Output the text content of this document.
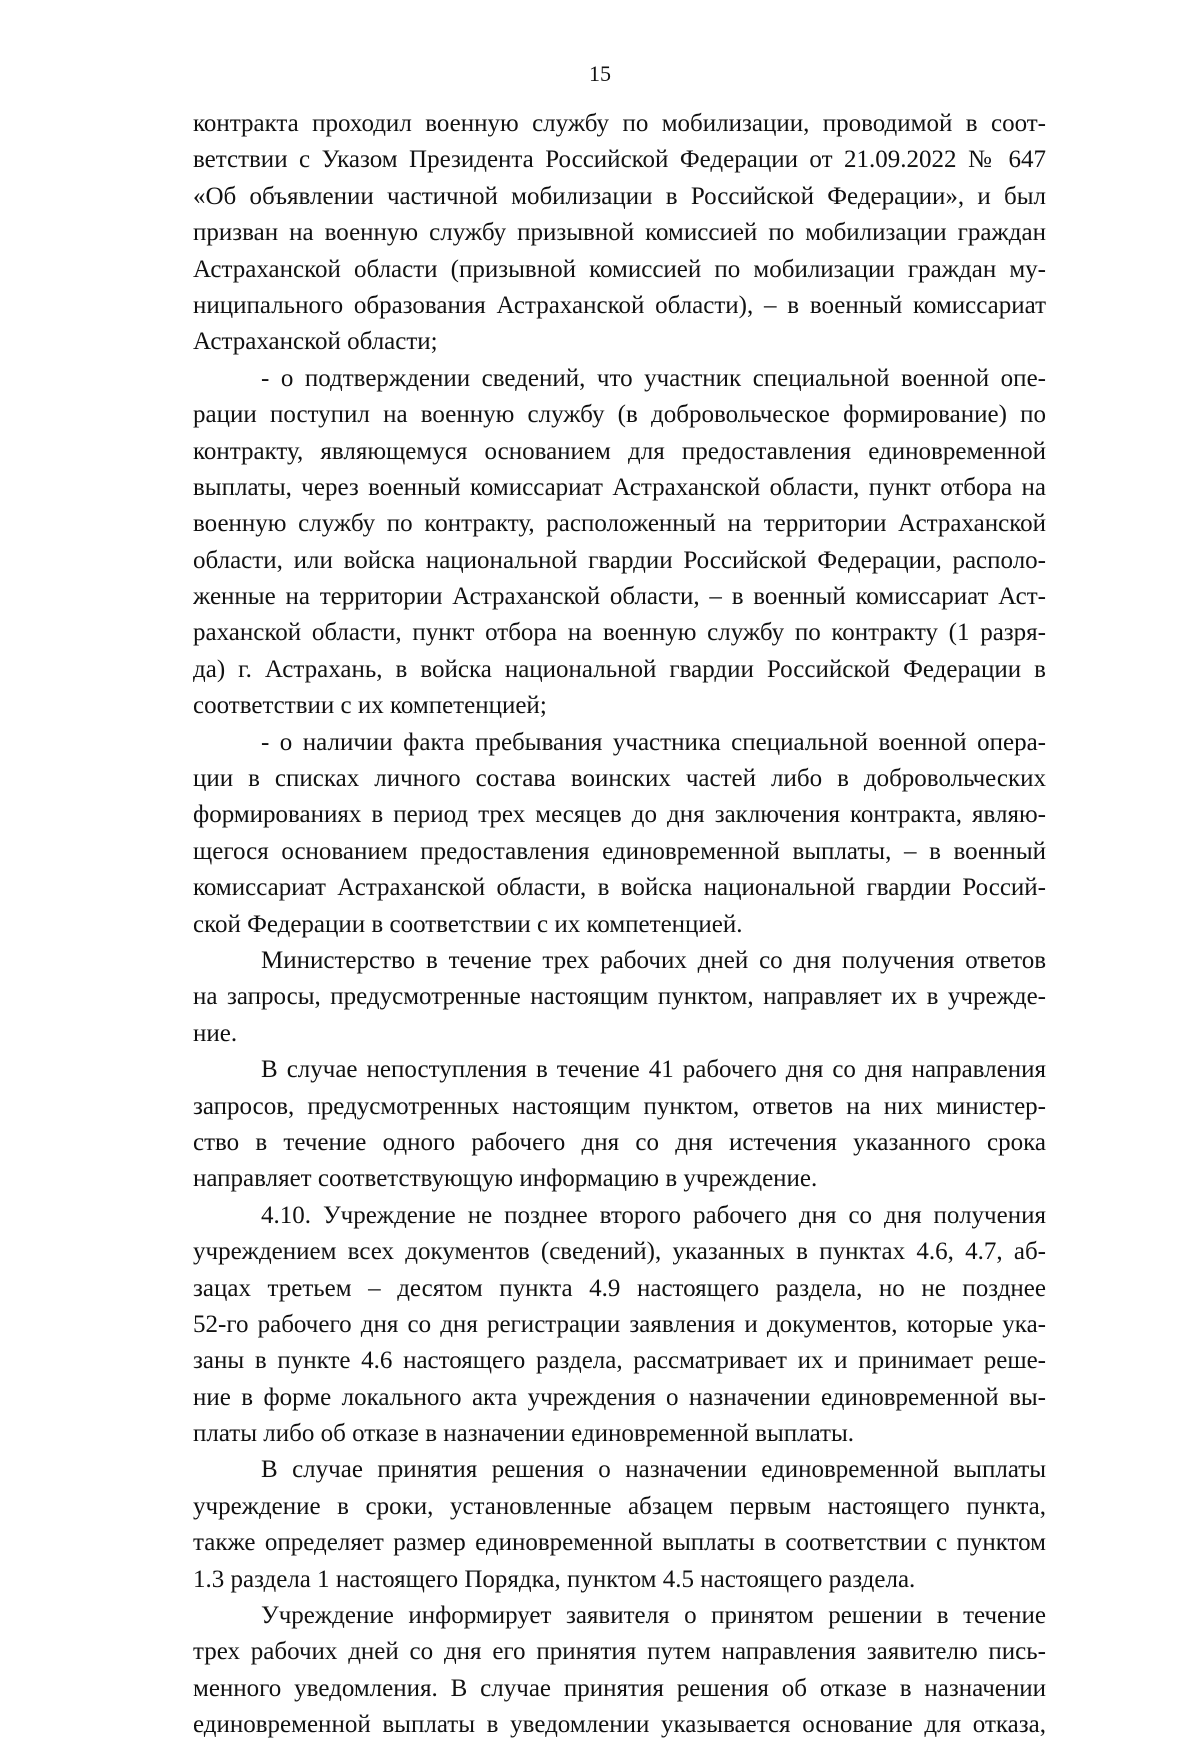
15
контракта проходил военную службу по мобилизации, проводимой в соот-
ветствии с Указом Президента Российской Федерации от 21.09.2022 № 647
«Об объявлении частичной мобилизации в Российской Федерации», и был
призван на военную службу призывной комиссией по мобилизации граждан
Астраханской области (призывной комиссией по мобилизации граждан му-
ниципального образования Астраханской области), – в военный комиссариат
Астраханской области;
- о подтверждении сведений, что участник специальной военной опе-
рации поступил на военную службу (в добровольческое формирование) по
контракту, являющемуся основанием для предоставления единовременной
выплаты, через военный комиссариат Астраханской области, пункт отбора на
военную службу по контракту, расположенный на территории Астраханской
области, или войска национальной гвардии Российской Федерации, располо-
женные на территории Астраханской области, – в военный комиссариат Аст-
раханской области, пункт отбора на военную службу по контракту (1 разря-
да) г. Астрахань, в войска национальной гвардии Российской Федерации в
соответствии с их компетенцией;
- о наличии факта пребывания участника специальной военной опера-
ции в списках личного состава воинских частей либо в добровольческих
формированиях в период трех месяцев до дня заключения контракта, являю-
щегося основанием предоставления единовременной выплаты, – в военный
комиссариат Астраханской области, в войска национальной гвардии Россий-
ской Федерации в соответствии с их компетенцией.
Министерство в течение трех рабочих дней со дня получения ответов
на запросы, предусмотренные настоящим пунктом, направляет их в учрежде-
ние.
В случае непоступления в течение 41 рабочего дня со дня направления
запросов, предусмотренных настоящим пунктом, ответов на них министер-
ство в течение одного рабочего дня со дня истечения указанного срока
направляет соответствующую информацию в учреждение.
4.10. Учреждение не позднее второго рабочего дня со дня получения
учреждением всех документов (сведений), указанных в пунктах 4.6, 4.7, аб-
зацах третьем – десятом пункта 4.9 настоящего раздела, но не позднее
52-го рабочего дня со дня регистрации заявления и документов, которые ука-
заны в пункте 4.6 настоящего раздела, рассматривает их и принимает реше-
ние в форме локального акта учреждения о назначении единовременной вы-
платы либо об отказе в назначении единовременной выплаты.
В случае принятия решения о назначении единовременной выплаты
учреждение в сроки, установленные абзацем первым настоящего пункта,
также определяет размер единовременной выплаты в соответствии с пунктом
1.3 раздела 1 настоящего Порядка, пунктом 4.5 настоящего раздела.
Учреждение информирует заявителя о принятом решении в течение
трех рабочих дней со дня его принятия путем направления заявителю пись-
менного уведомления. В случае принятия решения об отказе в назначении
единовременной выплаты в уведомлении указывается основание для отказа,
